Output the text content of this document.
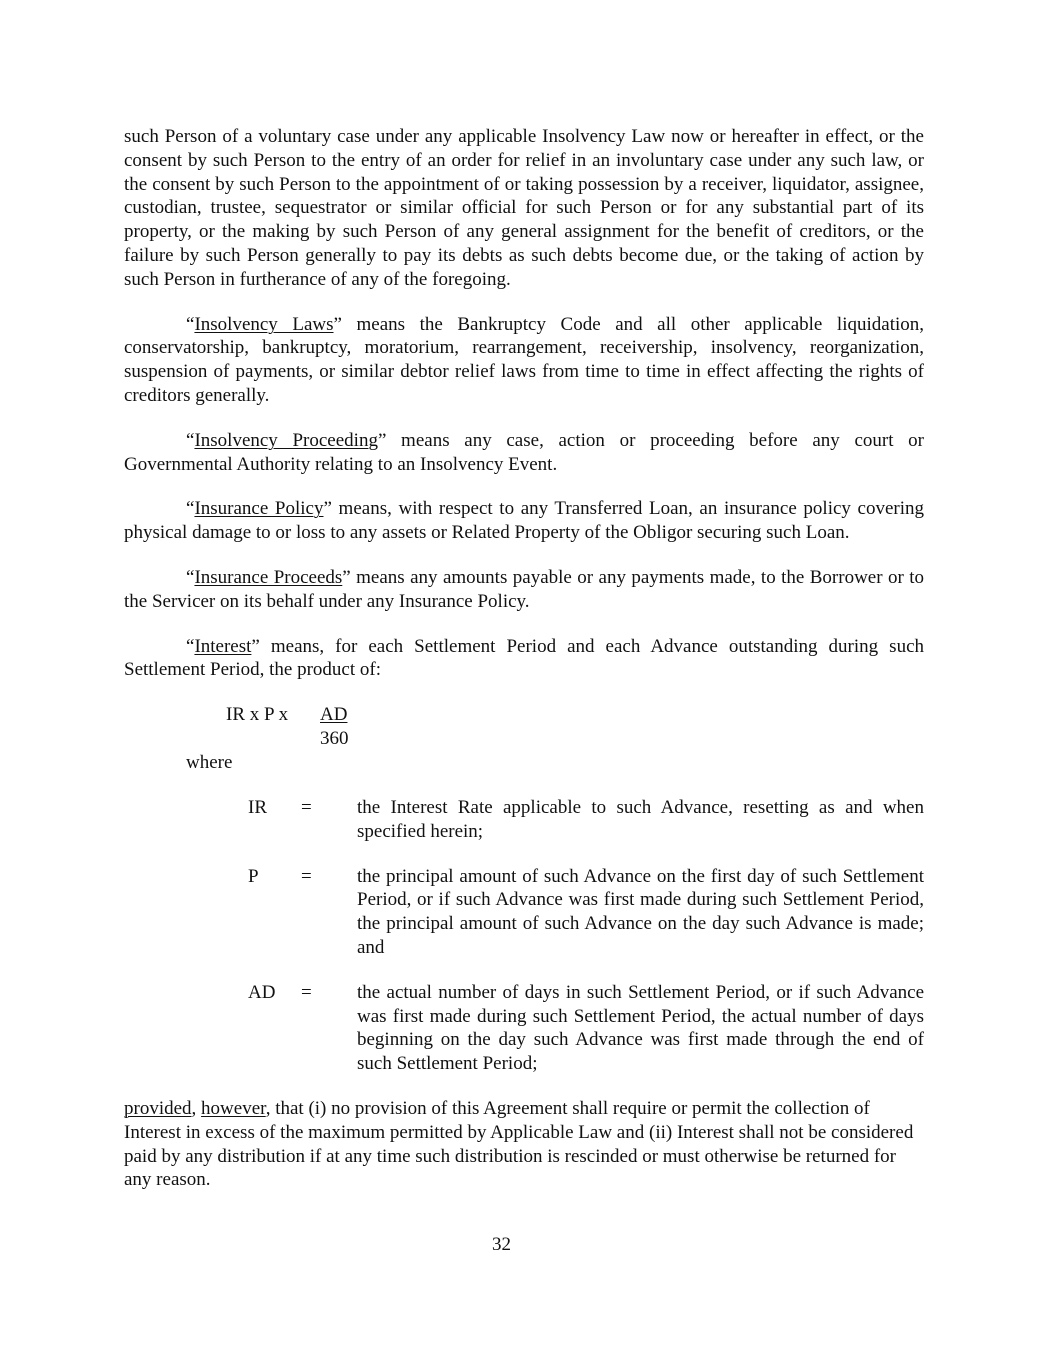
such Person of a voluntary case under any applicable Insolvency Law now or hereafter in effect, or the consent by such Person to the entry of an order for relief in an involuntary case under any such law, or the consent by such Person to the appointment of or taking possession by a receiver, liquidator, assignee, custodian, trustee, sequestrator or similar official for such Person or for any substantial part of its property, or the making by such Person of any general assignment for the benefit of creditors, or the failure by such Person generally to pay its debts as such debts become due, or the taking of action by such Person in furtherance of any of the foregoing.

“Insolvency Laws” means the Bankruptcy Code and all other applicable liquidation, conservatorship, bankruptcy, moratorium, rearrangement, receivership, insolvency, reorganization, suspension of payments, or similar debtor relief laws from time to time in effect affecting the rights of creditors generally.

“Insolvency Proceeding” means any case, action or proceeding before any court or Governmental Authority relating to an Insolvency Event.

“Insurance Policy” means, with respect to any Transferred Loan, an insurance policy covering physical damage to or loss to any assets or Related Property of the Obligor securing such Loan.

“Insurance Proceeds” means any amounts payable or any payments made, to the Borrower or to the Servicer on its behalf under any Insurance Policy.

“Interest” means, for each Settlement Period and each Advance outstanding during such Settlement Period, the product of:

IR x P x AD
360
where
IR = the Interest Rate applicable to such Advance, resetting as and when specified herein;
P = the principal amount of such Advance on the first day of such Settlement Period, or if such Advance was first made during such Settlement Period, the principal amount of such Advance on the day such Advance is made; and
AD = the actual number of days in such Settlement Period, or if such Advance was first made during such Settlement Period, the actual number of days beginning on the day such Advance was first made through the end of such Settlement Period;

provided, however, that (i) no provision of this Agreement shall require or permit the collection of Interest in excess of the maximum permitted by Applicable Law and (ii) Interest shall not be considered paid by any distribution if at any time such distribution is rescinded or must otherwise be returned for any reason.

32
